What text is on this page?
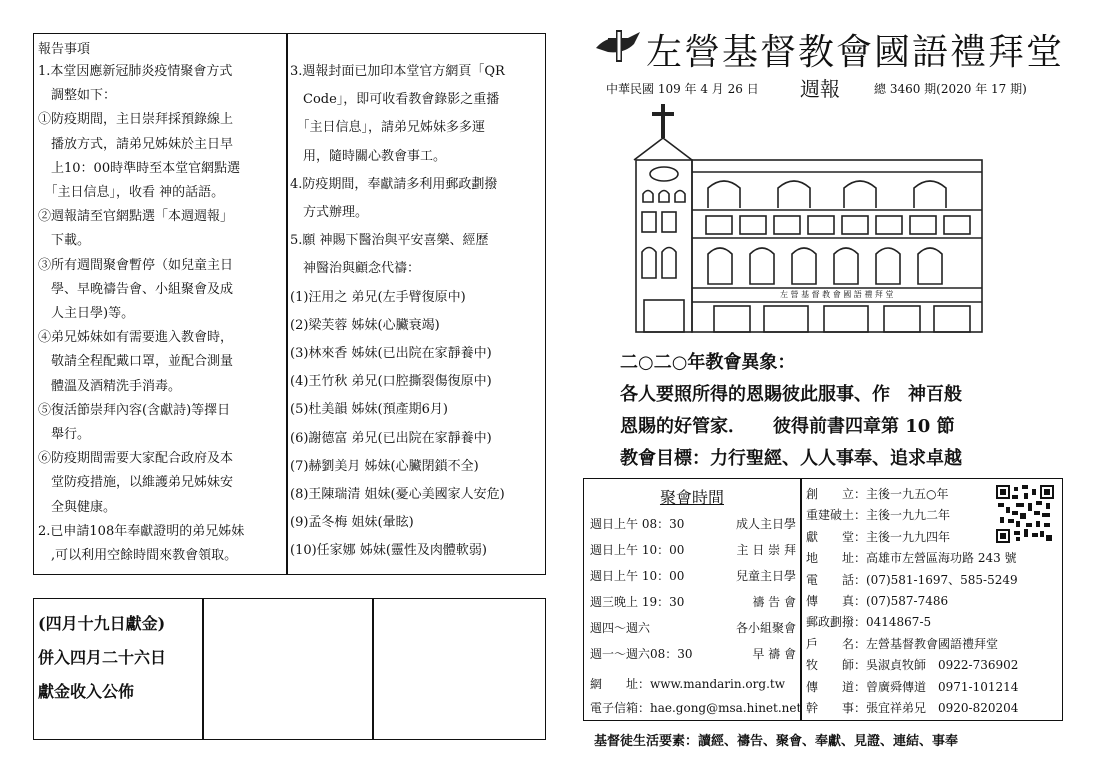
報告事項
1.本堂因應新冠肺炎疫情聚會方式
　調整如下：
①防疫期間，主日崇拜採預錄線上
　播放方式，請弟兄姊妹於主日早
　上10：00時準時至本堂官網點選
　「主日信息」，收看 神的話語。
②週報請至官網點選「本週週報」
　下載。
③所有週間聚會暫停（如兒童主日
　學、早晚禱告會、小組聚會及成
　人主日學)等。
④弟兄姊妹如有需要進入教會時，
　敬請全程配戴口罩，並配合測量
　體溫及酒精洗手消毒。
⑤復活節崇拜內容(含獻詩)等擇日
　舉行。
⑥防疫期間需要大家配合政府及本
　堂防疫措施，以維護弟兄姊妹安
　全與健康。
2.已申請108年奉獻證明的弟兄姊妹
　,可以利用空餘時間來教會領取。
3.週報封面已加印本堂官方網頁「QR
　Code」，即可收看教會錄影之重播
　「主日信息」，請弟兄姊妹多多運
　用，隨時關心教會事工。
4.防疫期間，奉獻請多利用郵政劃撥
　方式辦理。
5.願 神賜下醫治與平安喜樂、經歷
　神醫治與顧念代禱：
(1)汪用之 弟兄(左手臂復原中)
(2)梁芙蓉 姊妹(心臟衰竭)
(3)林來香 姊妹(已出院在家靜養中)
(4)王竹秋 弟兄(口腔撕裂傷復原中)
(5)杜美韻 姊妹(預產期6月)
(6)謝德富 弟兄(已出院在家靜養中)
(7)赫劉美月 姊妹(心臟閉鎖不全)
(8)王陳瑞清 姐妹(憂心美國家人安危)
(9)孟冬梅 姐妹(暈眩)
(10)任家娜 姊妹(靈性及肉體軟弱)
(四月十九日獻金)
併入四月二十六日
獻金收入公佈
左營基督教會國語禮拜堂
中華民國 109 年 4 月 26 日 週報	總 3460 期(2020 年 17 期)
左 營 基 督 教 會 國 語 禮 拜 堂
二○二○年教會異象：
各人要照所得的恩賜彼此服事、作　神百般
恩賜的好管家．　　彼得前書四章第 10 節
教會目標：力行聖經、人人事奉、追求卓越
聚會時間
週日上午 08：30	成人主日學
週日上午 10：00	主 日 崇 拜
週日上午 10：00	兒童主日學
週三晚上 19：30	禱 告 會
週四～週六	各小組聚會
週一～週六08：30	早 禱 會
網　　址：www.mandarin.org.tw
電子信箱：hae.gong@msa.hinet.net
創　　立：主後一九五○年
重建破土：主後一九九二年
獻　　堂：主後一九九四年
地　　址：高雄市左營區海功路 243 號
電　　話：(07)581-1697、585-5249
傳　　真：(07)587-7486
郵政劃撥：0414867-5
戶　　名：左營基督教會國語禮拜堂
牧　　師：吳淑貞牧師　0922-736902
傳　　道：曾廣舜傳道　0971-101214
幹　　事：張宜祥弟兄　0920-820204
基督徒生活要素：讀經、禱告、聚會、奉獻、見證、連結、事奉
